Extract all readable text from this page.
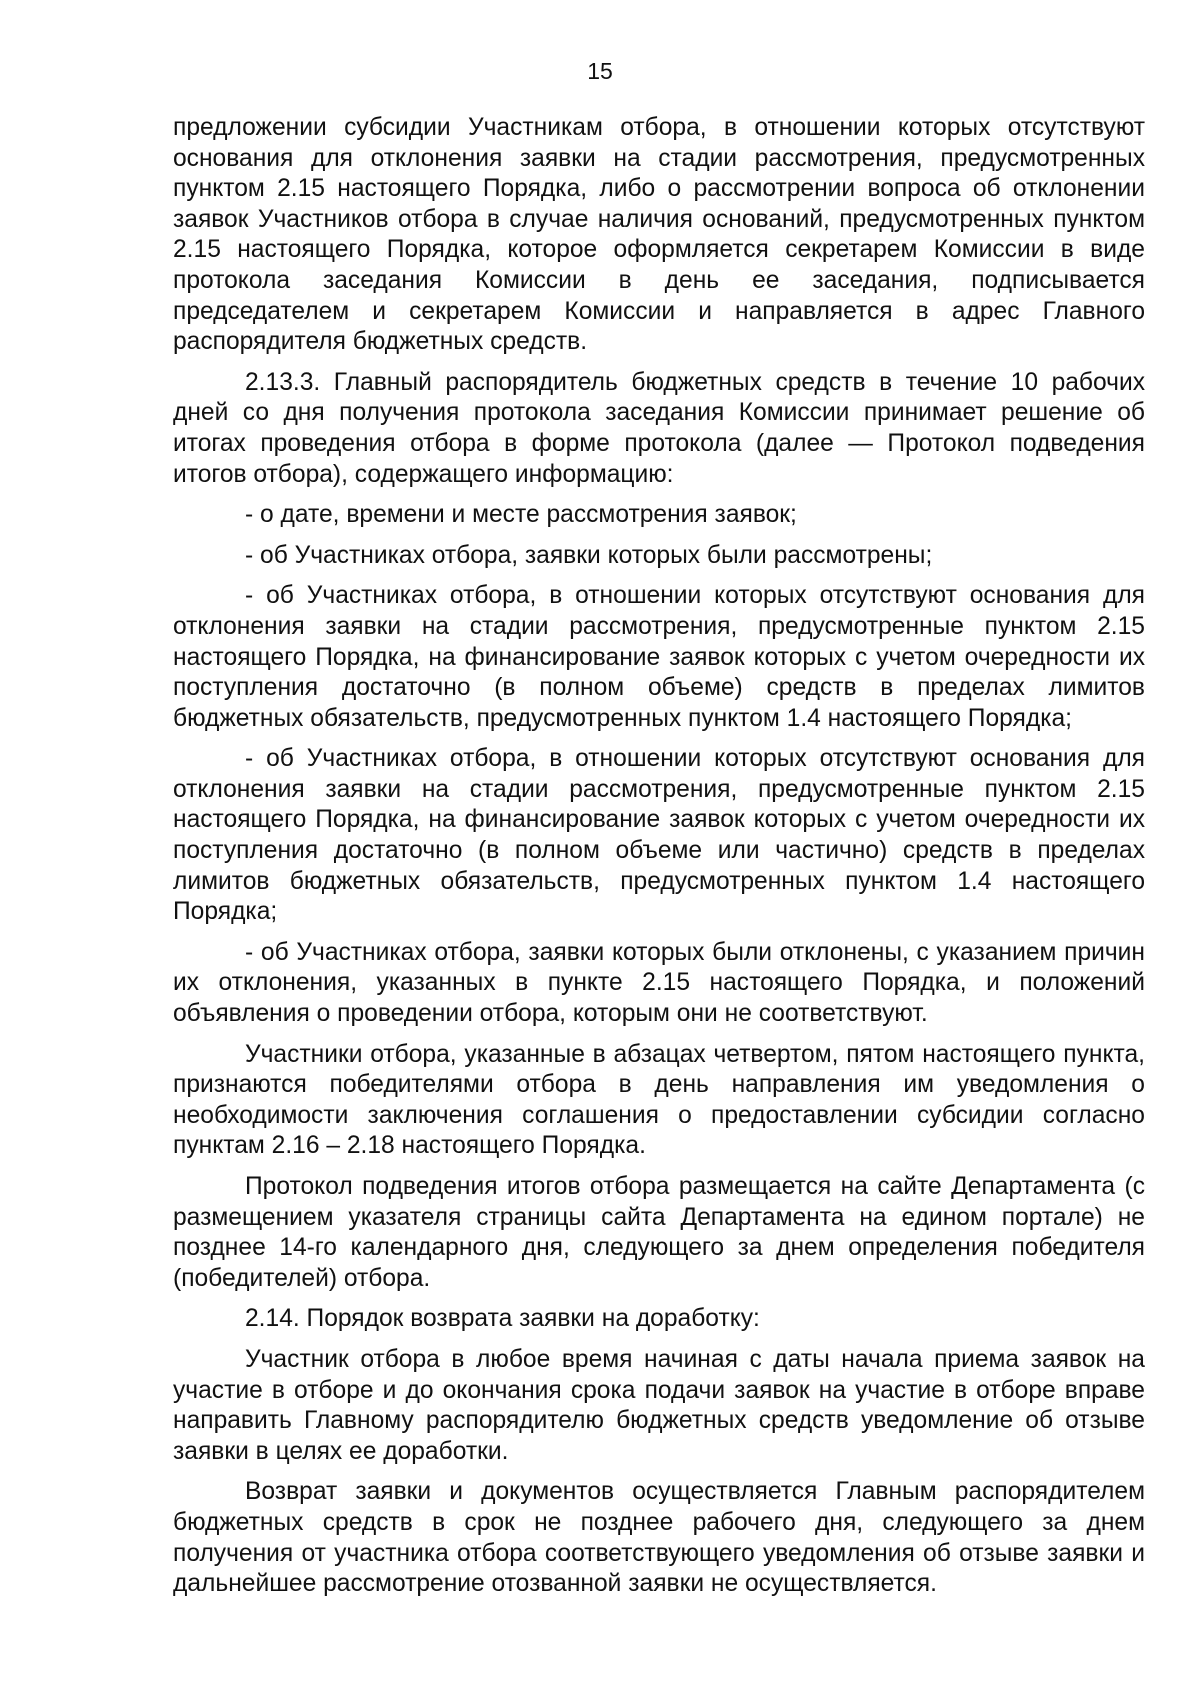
15

предложении субсидии Участникам отбора, в отношении которых отсутствуют основания для отклонения заявки на стадии рассмотрения, предусмотренных пунктом 2.15 настоящего Порядка, либо о рассмотрении вопроса об отклонении заявок Участников отбора в случае наличия оснований, предусмотренных пунктом 2.15 настоящего Порядка, которое оформляется секретарем Комиссии в виде протокола заседания Комиссии в день ее заседания, подписывается председателем и секретарем Комиссии и направляется в адрес Главного распорядителя бюджетных средств.

2.13.3. Главный распорядитель бюджетных средств в течение 10 рабочих дней со дня получения протокола заседания Комиссии принимает решение об итогах проведения отбора в форме протокола (далее — Протокол подведения итогов отбора), содержащего информацию:

- о дате, времени и месте рассмотрения заявок;

- об Участниках отбора, заявки которых были рассмотрены;

- об Участниках отбора, в отношении которых отсутствуют основания для отклонения заявки на стадии рассмотрения, предусмотренные пунктом 2.15 настоящего Порядка, на финансирование заявок которых с учетом очередности их поступления достаточно (в полном объеме) средств в пределах лимитов бюджетных обязательств, предусмотренных пунктом 1.4 настоящего Порядка;

- об Участниках отбора, в отношении которых отсутствуют основания для отклонения заявки на стадии рассмотрения, предусмотренные пунктом 2.15 настоящего Порядка, на финансирование заявок которых с учетом очередности их поступления достаточно (в полном объеме или частично) средств в пределах лимитов бюджетных обязательств, предусмотренных пунктом 1.4 настоящего Порядка;

- об Участниках отбора, заявки которых были отклонены, с указанием причин их отклонения, указанных в пункте 2.15 настоящего Порядка, и положений объявления о проведении отбора, которым они не соответствуют.

Участники отбора, указанные в абзацах четвертом, пятом настоящего пункта, признаются победителями отбора в день направления им уведомления о необходимости заключения соглашения о предоставлении субсидии согласно пунктам 2.16 – 2.18 настоящего Порядка.

Протокол подведения итогов отбора размещается на сайте Департамента (с размещением указателя страницы сайта Департамента на едином портале) не позднее 14-го календарного дня, следующего за днем определения победителя (победителей) отбора.

2.14. Порядок возврата заявки на доработку:

Участник отбора в любое время начиная с даты начала приема заявок на участие в отборе и до окончания срока подачи заявок на участие в отборе вправе направить Главному распорядителю бюджетных средств уведомление об отзыве заявки в целях ее доработки.

Возврат заявки и документов осуществляется Главным распорядителем бюджетных средств в срок не позднее рабочего дня, следующего за днем получения от участника отбора соответствующего уведомления об отзыве заявки и дальнейшее рассмотрение отозванной заявки не осуществляется.
